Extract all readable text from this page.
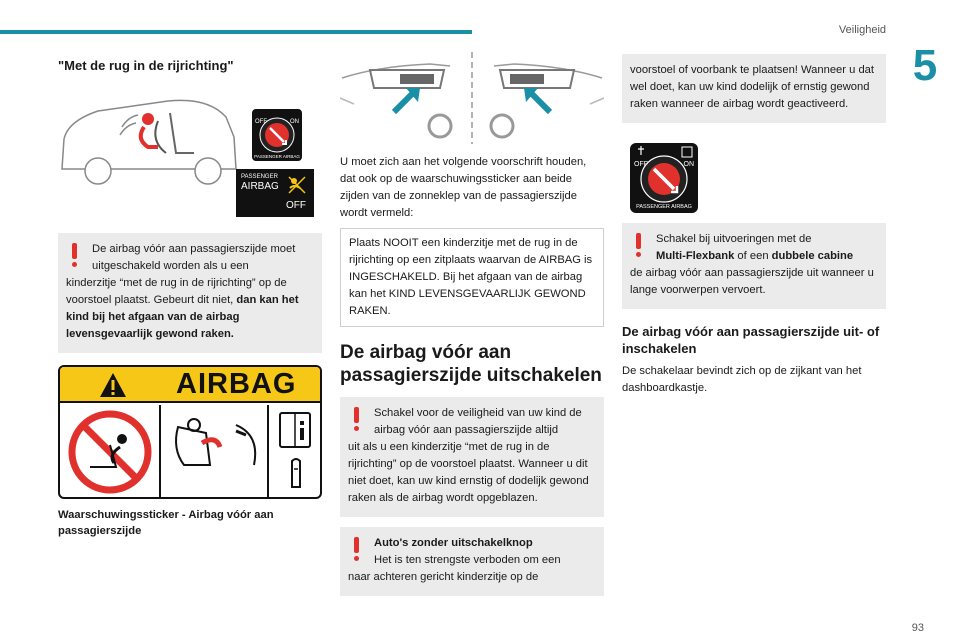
Veiligheid
5
93
"Met de rug in de rijrichting"
OFF	ON
PASSENGER AIRBAG
PASSENGER
AIRBAG
OFF
De airbag vóór aan passagierszijde moet uitgeschakeld worden als u een
kinderzitje “met de rug in de rijrichting” op de voorstoel plaatst. Gebeurt dit niet, dan kan het kind bij het afgaan van de airbag levensgevaarlijk gewond raken.
AIRBAG
Waarschuwingssticker - Airbag vóór aan passagierszijde
U moet zich aan het volgende voorschrift houden, dat ook op de waarschuwingssticker aan beide zijden van de zonneklep van de passagierszijde wordt vermeld:
Plaats NOOIT een kinderzitje met de rug in de rijrichting op een zitplaats waarvan de AIRBAG is INGESCHAKELD. Bij het afgaan van de airbag kan het KIND LEVENSGEVAARLIJK GEWOND RAKEN.
De airbag vóór aan passagierszijde uitschakelen
Schakel voor de veiligheid van uw kind de airbag vóór aan passagierszijde altijd
uit als u een kinderzitje “met de rug in de rijrichting” op de voorstoel plaatst. Wanneer u dit niet doet, kan uw kind ernstig of dodelijk gewond raken als de airbag wordt opgeblazen.
Auto's zonder uitschakelknop
Het is ten strengste verboden om een
naar achteren gericht kinderzitje op de
voorstoel of voorbank te plaatsen! Wanneer u dat wel doet, kan uw kind dodelijk of ernstig gewond raken wanneer de airbag wordt geactiveerd.
OFF	ON
PASSENGER AIRBAG
Schakel bij uitvoeringen met de
Multi-Flexbank of een dubbele cabine
de airbag vóór aan passagierszijde uit wanneer u lange voorwerpen vervoert.
De airbag vóór aan passagierszijde uit- of inschakelen
De schakelaar bevindt zich op de zijkant van het dashboardkastje.
